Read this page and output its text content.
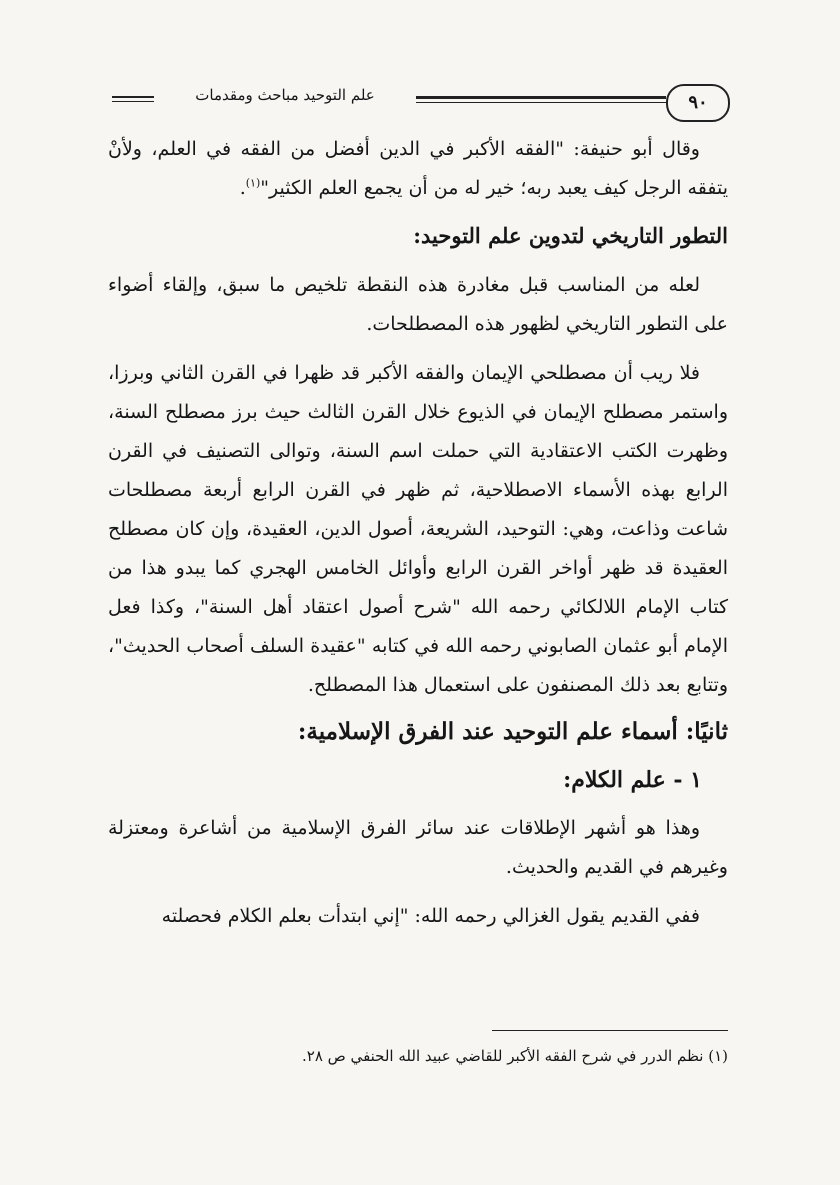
٩٠
علم التوحيد مباحث ومقدمات

وقال أبو حنيفة: "الفقه الأكبر في الدين أفضل من الفقه في العلم، ولأنْ يتفقه الرجل كيف يعبد ربه؛ خير له من أن يجمع العلم الكثير"$^{(١)}$.

التطور التاريخي لتدوين علم التوحيد:

لعله من المناسب قبل مغادرة هذه النقطة تلخيص ما سبق، وإلقاء أضواء على التطور التاريخي لظهور هذه المصطلحات.

فلا ريب أن مصطلحي الإيمان والفقه الأكبر قد ظهرا في القرن الثاني وبرزا، واستمر مصطلح الإيمان في الذيوع خلال القرن الثالث حيث برز مصطلح السنة، وظهرت الكتب الاعتقادية التي حملت اسم السنة، وتوالى التصنيف في القرن الرابع بهذه الأسماء الاصطلاحية، ثم ظهر في القرن الرابع أربعة مصطلحات شاعت وذاعت، وهي: التوحيد، الشريعة، أصول الدين، العقيدة، وإن كان مصطلح العقيدة قد ظهر أواخر القرن الرابع وأوائل الخامس الهجري كما يبدو هذا من كتاب الإمام اللالكائي رحمه الله "شرح أصول اعتقاد أهل السنة"، وكذا فعل الإمام أبو عثمان الصابوني رحمه الله في كتابه "عقيدة السلف أصحاب الحديث"، وتتابع بعد ذلك المصنفون على استعمال هذا المصطلح.

ثانيًا: أسماء علم التوحيد عند الفرق الإسلامية:
١ - علم الكلام:

وهذا هو أشهر الإطلاقات عند سائر الفرق الإسلامية من أشاعرة ومعتزلة وغيرهم في القديم والحديث.

ففي القديم يقول الغزالي رحمه الله: "إني ابتدأت بعلم الكلام فحصلته

(١) نظم الدرر في شرح الفقه الأكبر للقاضي عبيد الله الحنفي ص ٢٨.
